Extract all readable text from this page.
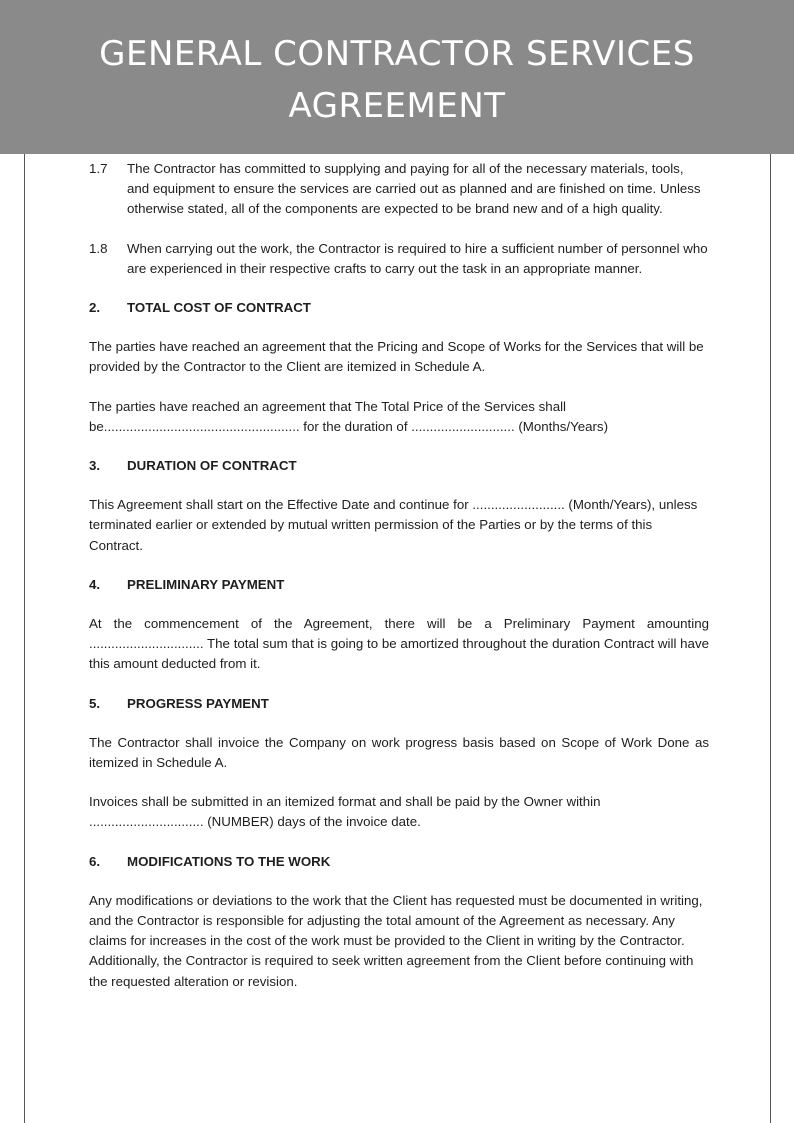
GENERAL CONTRACTOR SERVICES
AGREEMENT
1.7	The Contractor has committed to supplying and paying for all of the necessary materials, tools, and equipment to ensure the services are carried out as planned and are finished on time. Unless otherwise stated, all of the components are expected to be brand new and of a high quality.
1.8	When carrying out the work, the Contractor is required to hire a sufficient number of personnel who are experienced in their respective crafts to carry out the task in an appropriate manner.
2.	TOTAL COST OF CONTRACT

The parties have reached an agreement that the Pricing and Scope of Works for the Services that will be provided by the Contractor to the Client are itemized in Schedule A.

The parties have reached an agreement that The Total Price of the Services shall be..................................................... for the duration of ............................ (Months/Years)

3.	DURATION OF CONTRACT

This Agreement shall start on the Effective Date and continue for ......................... (Month/Years), unless terminated earlier or extended by mutual written permission of the Parties or by the terms of this Contract.

4.	PRELIMINARY PAYMENT

At the commencement of the Agreement, there will be a Preliminary Payment amounting ............................... The total sum that is going to be amortized throughout the duration Contract will have this amount deducted from it.

5.	PROGRESS PAYMENT

The Contractor shall invoice the Company on work progress basis based on Scope of Work Done as itemized in Schedule A.

Invoices shall be submitted in an itemized format and shall be paid by the Owner within ............................... (NUMBER) days of the invoice date.

6.	MODIFICATIONS TO THE WORK

Any modifications or deviations to the work that the Client has requested must be documented in writing, and the Contractor is responsible for adjusting the total amount of the Agreement as necessary. Any claims for increases in the cost of the work must be provided to the Client in writing by the Contractor. Additionally, the Contractor is required to seek written agreement from the Client before continuing with the requested alteration or revision.
